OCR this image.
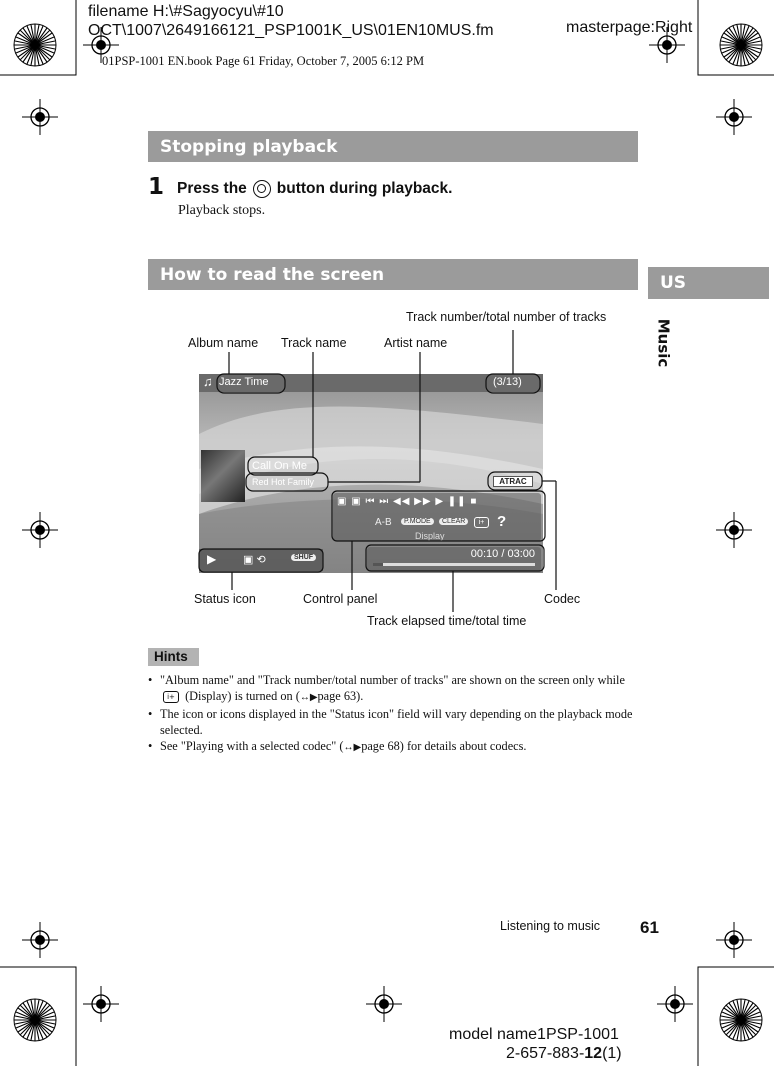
filename H:\#Sagyocyu\#10
OCT\1007\2649166121_PSP1001K_US\01EN10MUS.fm	masterpage:Right
01PSP-1001 EN.book Page 61 Friday, October 7, 2005 6:12 PM
US
Music
Stopping playback
1 Press the button during playback.
Playback stops.
How to read the screen
Track number/total number of tracks
Album name Track name	Artist name
Status icon	Control panel	Codec
Track elapsed time/total time
♫ Jazz Time	(3/13)
Call On Me
Red Hot Family	ATRAC
▣ ▣ ⏮ ⏭ ◀◀ ▶▶ ▶ ❚❚ ■
A-B	P.MODE	CLEAR	i+ ?
Display
▶ ▣ ⟲	SHUF	00:10 / 03:00
Hints
• "Album name" and "Track number/total number of tracks" are shown on the screen only while i+ (Display) is turned on (↔▶page 63).
• The icon or icons displayed in the "Status icon" field will vary depending on the playback mode selected.
• See "Playing with a selected codec" (↔▶page 68) for details about codecs.
Listening to music 61
model name1PSP-1001
2-657-883-12(1)
